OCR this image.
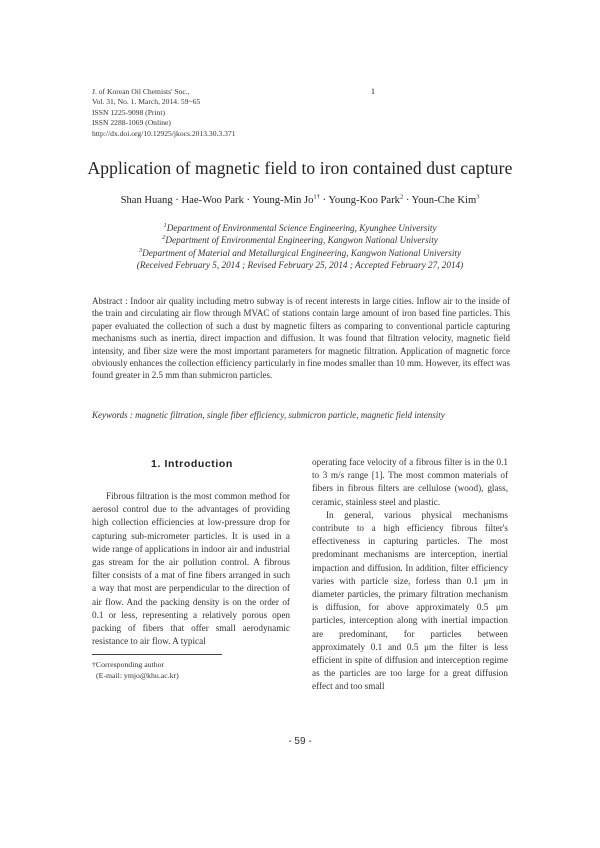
J. of Korean Oil Chemists' Soc.,
Vol. 31, No. 1. March, 2014. 59~65
ISSN 1225-9098 (Print)
ISSN 2288-1069 (Online)
http://dx.doi.org/10.12925/jkocs.2013.30.3.371
1
Application of magnetic field to iron contained dust capture
Shan Huang · Hae-Woo Park · Young-Min $Jo^{1\dagger}$ · Young-Koo Park$^2$ · Youn-Che Kim$^3$
$^1$Department of Environmental Science Engineering, Kyunghee University
$^2$Department of Environmental Engineering, Kangwon National University
$^3$Department of Material and Metallurgical Engineering, Kangwon National University
(Received February 5, 2014 ; Revised February 25, 2014 ; Accepted February 27, 2014)
Abstract : Indoor air quality including metro subway is of recent interests in large cities. Inflow air to the inside of the train and circulating air flow through MVAC of stations contain large amount of iron based fine particles. This paper evaluated the collection of such a dust by magnetic filters as comparing to conventional particle capturing mechanisms such as inertia, direct impaction and diffusion. It was found that filtration velocity, magnetic field intensity, and fiber size were the most important parameters for magnetic filtration. Application of magnetic force obviously enhances the collection efficiency particularly in fine modes smaller than 10 mm. However, its effect was found greater in 2.5 mm than submicron particles.
Keywords : magnetic filtration, single fiber efficiency, submicron particle, magnetic field intensity
1. Introduction

Fibrous filtration is the most common method for aerosol control due to the advantages of providing high collection efficiencies at low-pressure drop for capturing sub-micrometer particles. It is used in a wide range of applications in indoor air and industrial gas stream for the air pollution control. A fibrous filter consists of a mat of fine fibers arranged in such a way that most are perpendicular to the direction of air flow. And the packing density is on the order of 0.1 or less, representing a relatively porous open packing of fibers that offer small aerodynamic resistance to air flow. A typical

operating face velocity of a fibrous filter is in the 0.1 to 3 m/s range [1]. The most common materials of fibers in fibrous filters are cellulose (wood), glass, ceramic, stainless steel and plastic.

In general, various physical mechanisms contribute to a high efficiency fibrous filter's effectiveness in capturing particles. The most predominant mechanisms are interception, inertial impaction and diffusion. In addition, filter efficiency varies with particle size, forless than 0.1 μm in diameter particles, the primary filtration mechanism is diffusion, for above approximately 0.5 μm particles, interception along with inertial impaction are predominant, for particles between approximately 0.1 and 0.5 μm the filter is less efficient in spite of diffusion and interception regime as the particles are too large for a great diffusion effect and too small

†Corresponding author
(E-mail: ymjo@khu.ac.kr)
- 59 -
